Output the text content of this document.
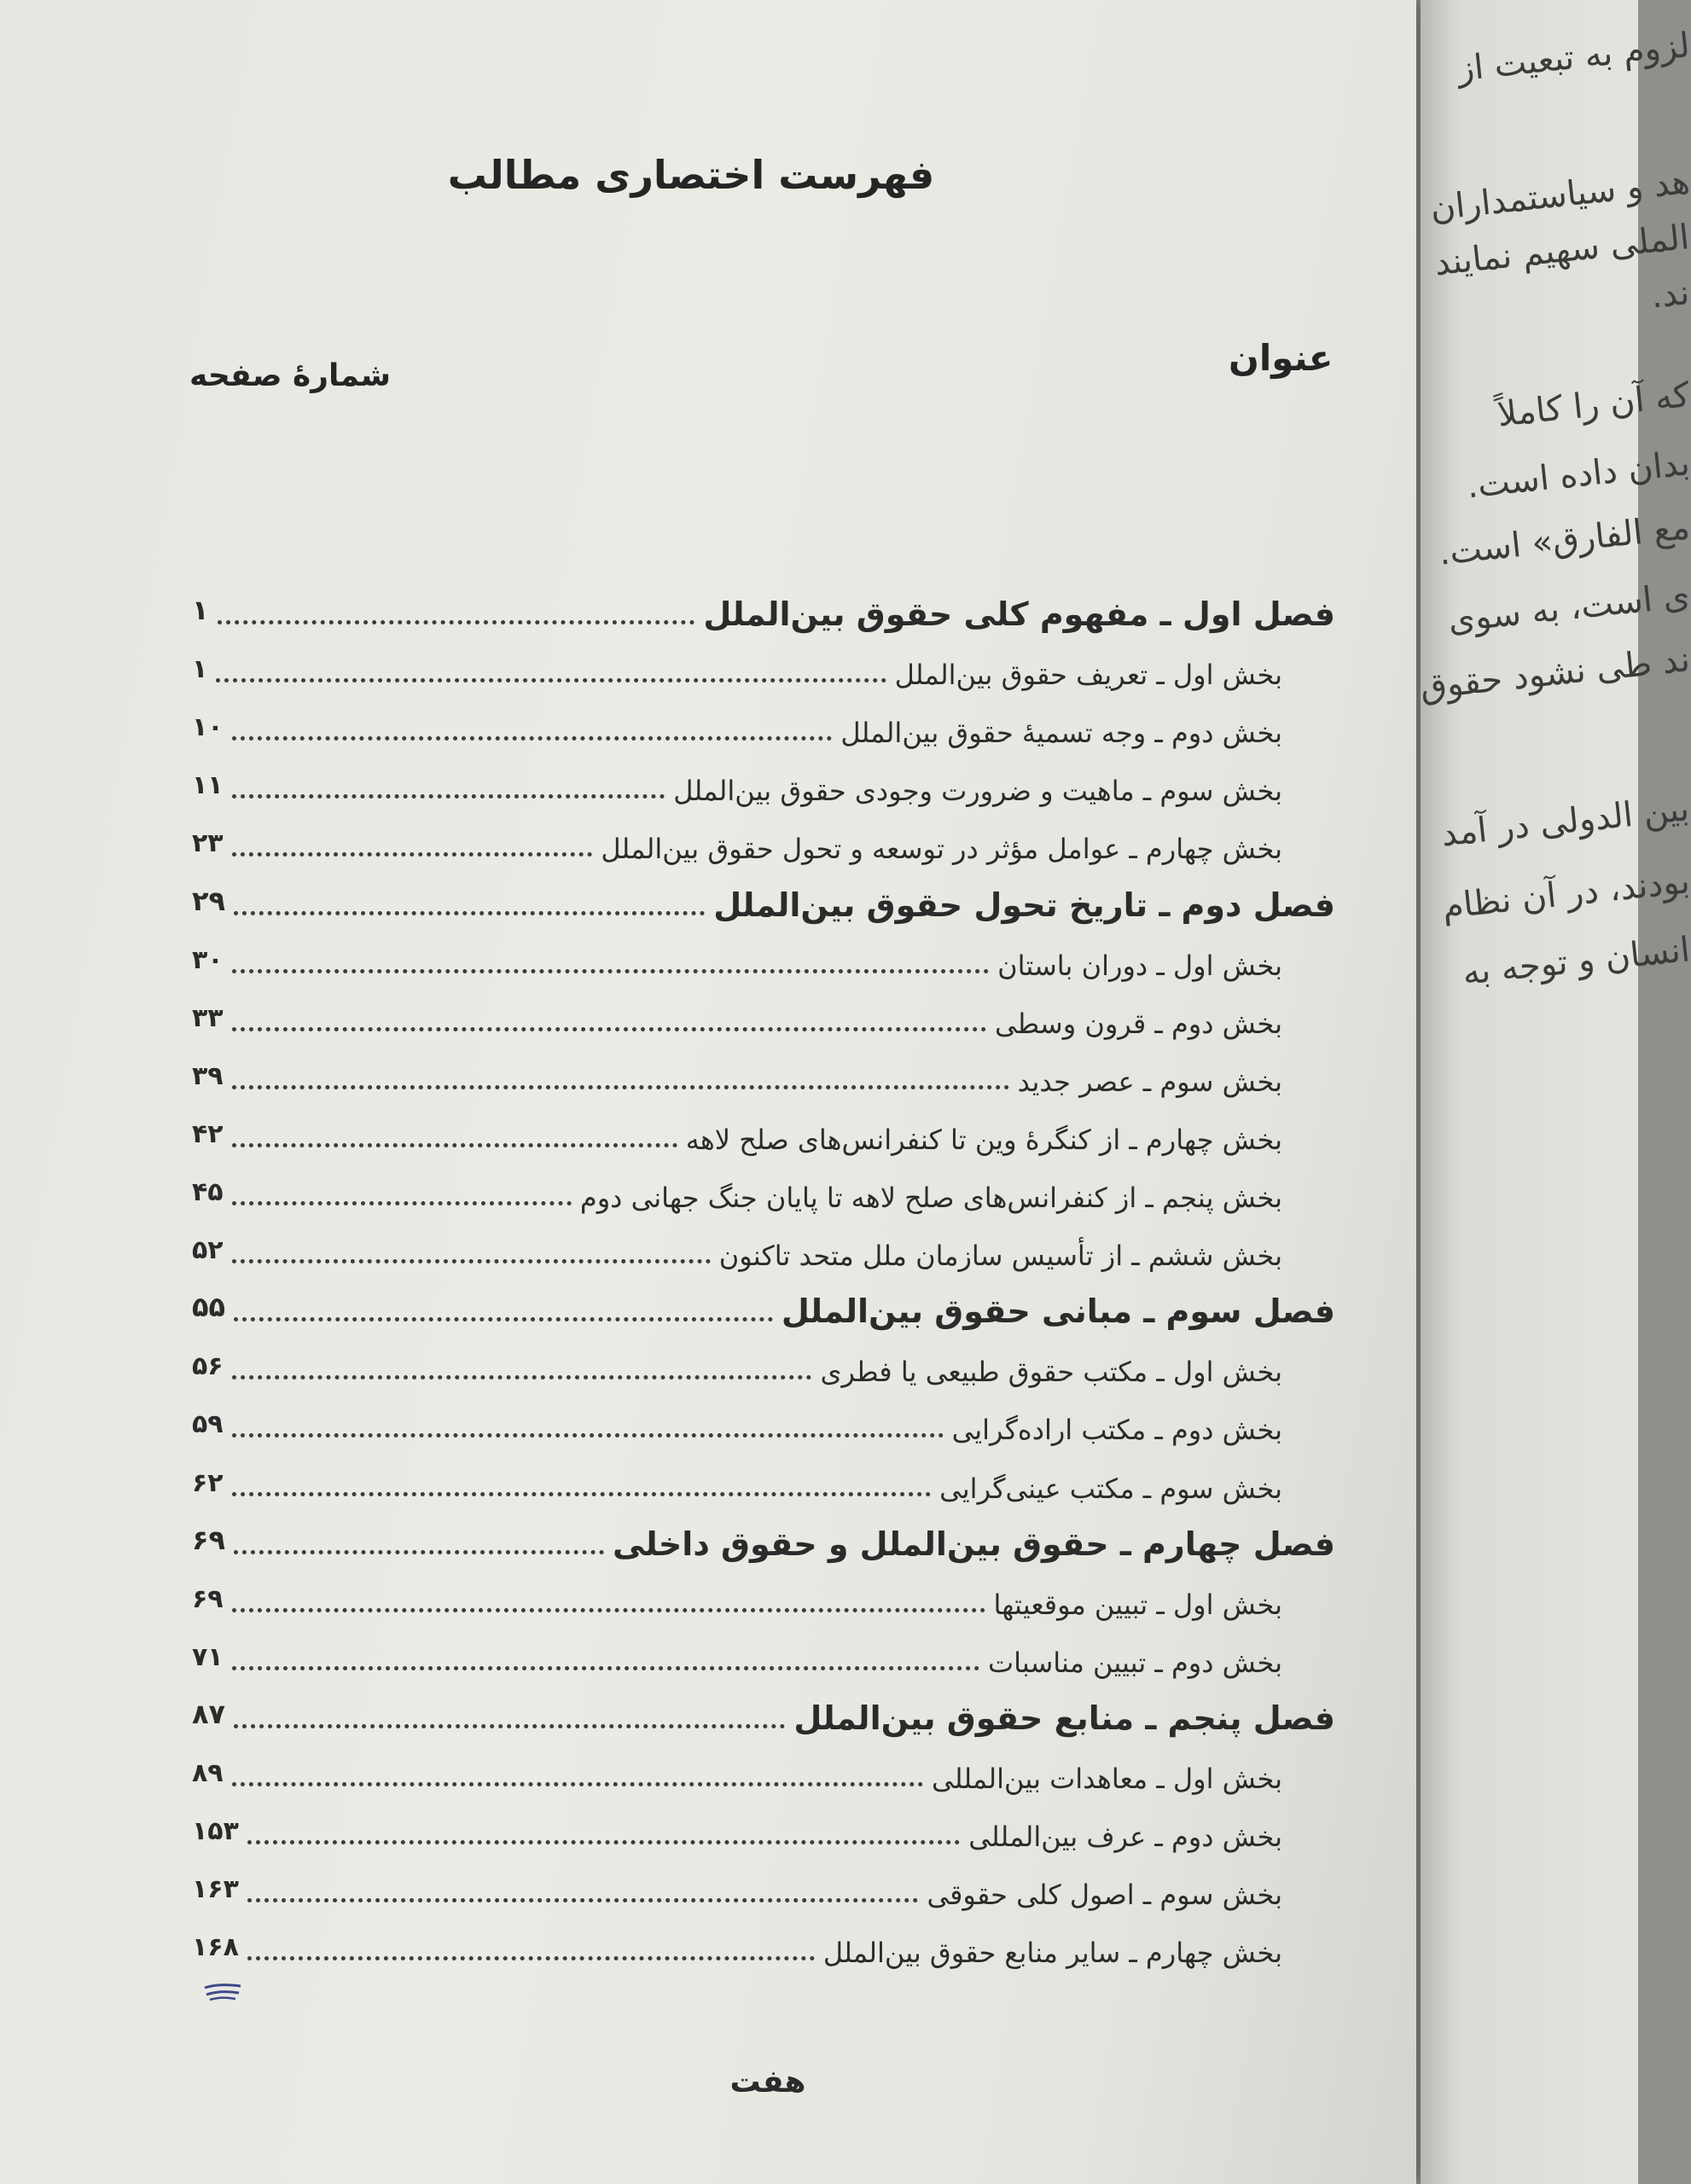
فهرست اختصاری مطالب
عنوان
شمارهٔ صفحه
فصل اول ـ مفهوم کلی حقوق بین‌الملل
۱
بخش اول ـ تعریف حقوق بین‌الملل
۱
بخش دوم ـ وجه تسمیهٔ حقوق بین‌الملل
۱۰
بخش سوم ـ ماهیت و ضرورت وجودی حقوق بین‌الملل
۱۱
بخش چهارم ـ عوامل مؤثر در توسعه و تحول حقوق بین‌الملل
۲۳
فصل دوم ـ تاریخ تحول حقوق بین‌الملل
۲۹
بخش اول ـ دوران باستان
۳۰
بخش دوم ـ قرون وسطی
۳۳
بخش سوم ـ عصر جدید
۳۹
بخش چهارم ـ از کنگرهٔ وین تا کنفرانس‌های صلح لاهه
۴۲
بخش پنجم ـ از کنفرانس‌های صلح لاهه تا پایان جنگ جهانی دوم
۴۵
بخش ششم ـ از تأسیس سازمان ملل متحد تاکنون
۵۲
فصل سوم ـ مبانی حقوق بین‌الملل
۵۵
بخش اول ـ مکتب حقوق طبیعی یا فطری
۵۶
بخش دوم ـ مکتب اراده‌گرایی
۵۹
بخش سوم ـ مکتب عینی‌گرایی
۶۲
فصل چهارم ـ حقوق بین‌الملل و حقوق داخلی
۶۹
بخش اول ـ تبیین موقعیتها
۶۹
بخش دوم ـ تبیین مناسبات
۷۱
فصل پنجم ـ منابع حقوق بین‌الملل
۸۷
بخش اول ـ معاهدات بین‌المللی
۸۹
بخش دوم ـ عرف بین‌المللی
۱۵۳
بخش سوم ـ اصول کلی حقوقی
۱۶۳
بخش چهارم ـ سایر منابع حقوق بین‌الملل
۱۶۸
هفت
لزوم به تبعیت از
هد و سیاستمداران
الملی سهیم نمایند
ند.
که آن را کاملاً
بدان داده است.
مع الفارق» است.
ی است، به سوی
ند طی نشود حقوق
بین الدولی در آمد
بودند، در آن نظام
انسان و توجه به
